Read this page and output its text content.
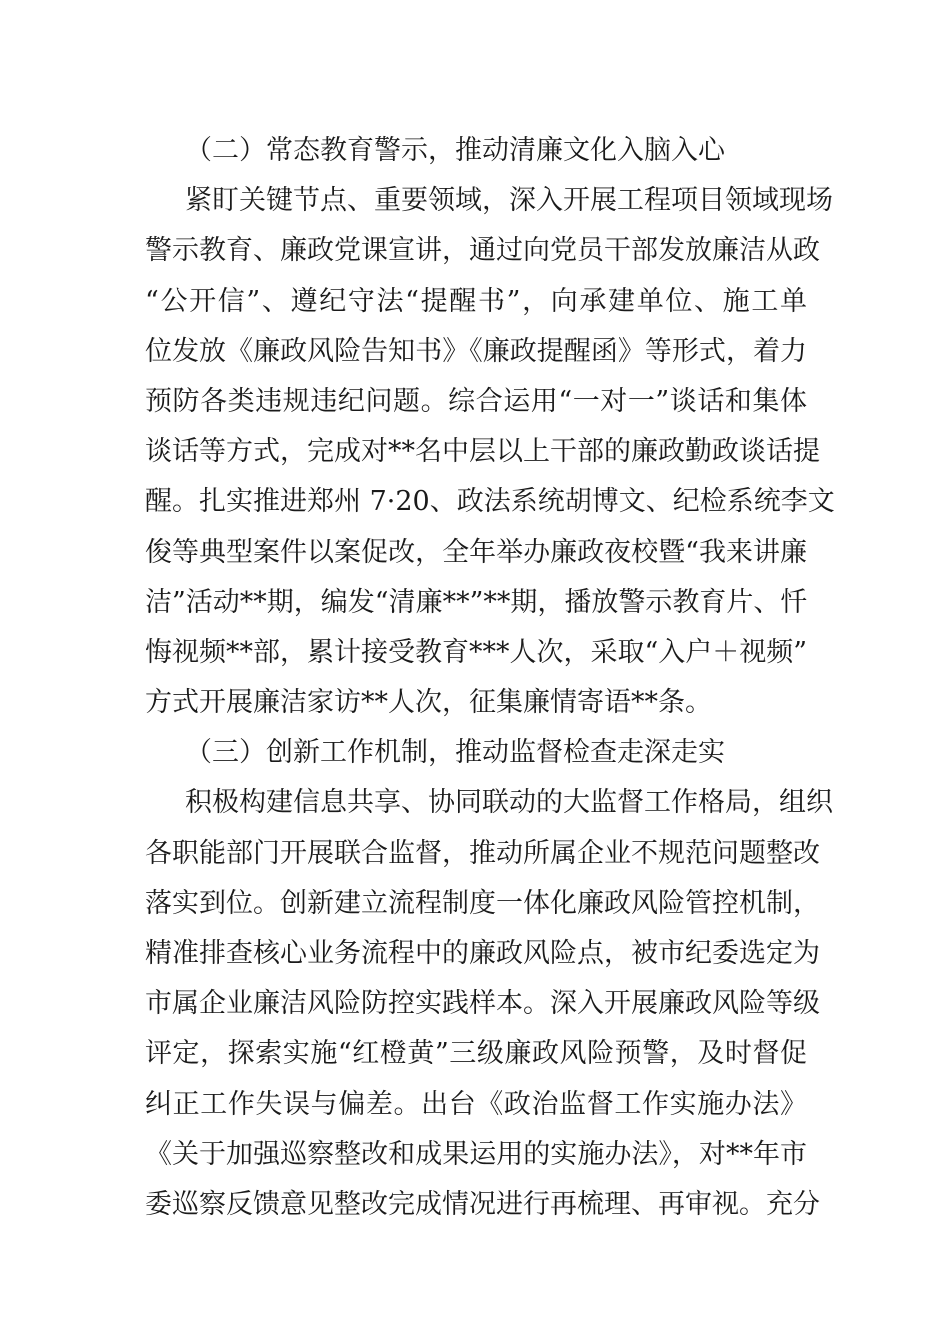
（二）常态教育警示，推动清廉文化入脑入心
紧盯关键节点、重要领域，深入开展工程项目领域现场
警示教育、廉政党课宣讲，通过向党员干部发放廉洁从政
“公开信”、遵纪守法“提醒书”，向承建单位、施工单
位发放《廉政风险告知书》《廉政提醒函》等形式，着力
预防各类违规违纪问题。综合运用“一对一”谈话和集体
谈话等方式，完成对**名中层以上干部的廉政勤政谈话提
醒。扎实推进郑州 7·20、政法系统胡博文、纪检系统李文
俊等典型案件以案促改，全年举办廉政夜校暨“我来讲廉
洁”活动**期，编发“清廉**”**期，播放警示教育片、忏
悔视频**部，累计接受教育***人次，采取“入户＋视频”
方式开展廉洁家访**人次，征集廉情寄语**条。
（三）创新工作机制，推动监督检查走深走实
积极构建信息共享、协同联动的大监督工作格局，组织
各职能部门开展联合监督，推动所属企业不规范问题整改
落实到位。创新建立流程制度一体化廉政风险管控机制，
精准排查核心业务流程中的廉政风险点，被市纪委选定为
市属企业廉洁风险防控实践样本。深入开展廉政风险等级
评定，探索实施“红橙黄”三级廉政风险预警，及时督促
纠正工作失误与偏差。出台《政治监督工作实施办法》
《关于加强巡察整改和成果运用的实施办法》，对**年市
委巡察反馈意见整改完成情况进行再梳理、再审视。充分
